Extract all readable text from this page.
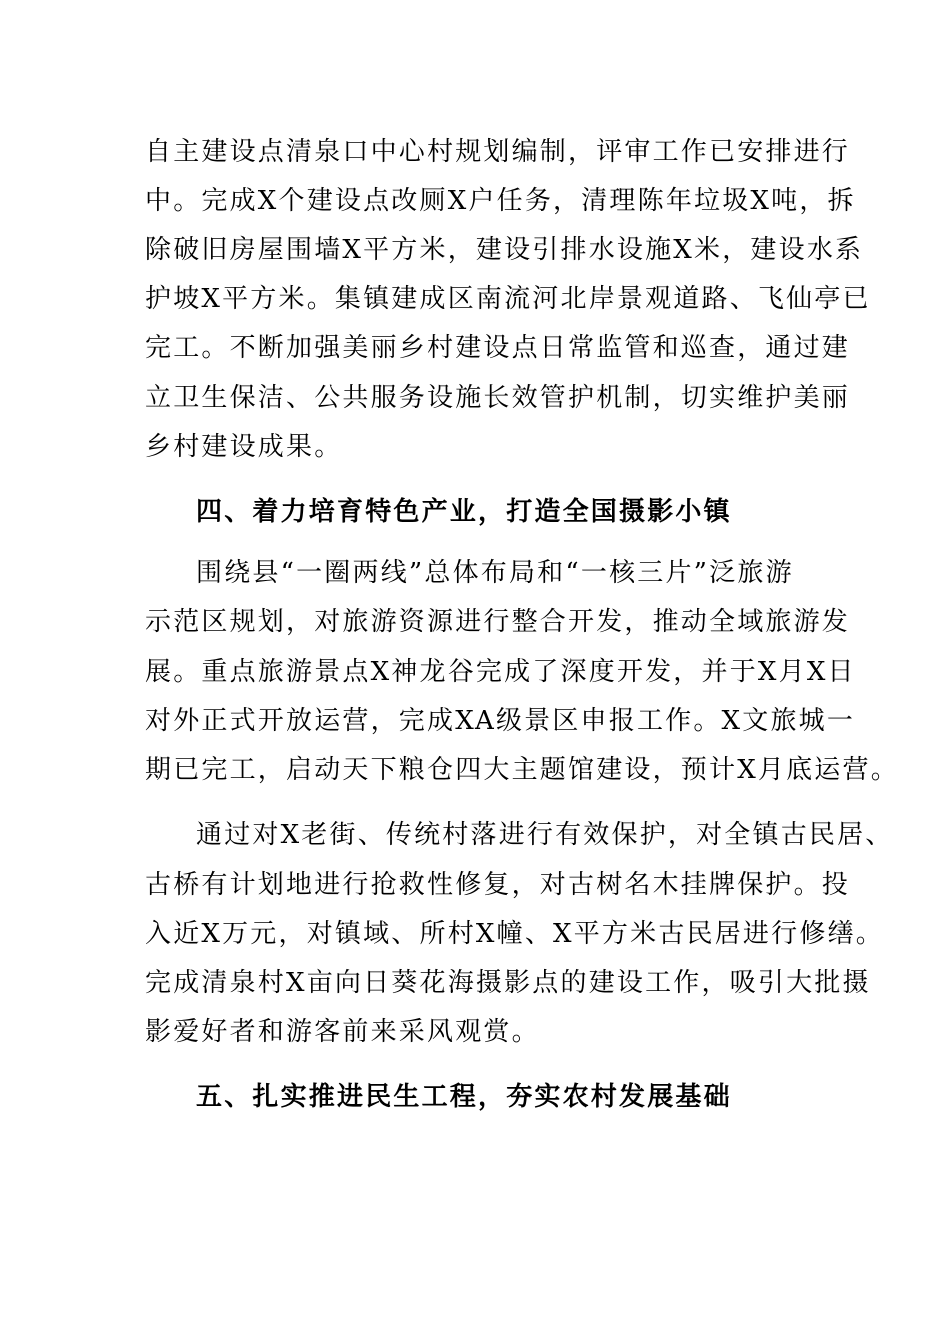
自主建设点清泉口中心村规划编制，评审工作已安排进行
中。完成X个建设点改厕X户任务，清理陈年垃圾X吨，拆
除破旧房屋围墙X平方米，建设引排水设施X米，建设水系
护坡X平方米。集镇建成区南流河北岸景观道路、飞仙亭已
完工。不断加强美丽乡村建设点日常监管和巡查，通过建
立卫生保洁、公共服务设施长效管护机制，切实维护美丽
乡村建设成果。
四、着力培育特色产业，打造全国摄影小镇
围绕县“一圈两线”总体布局和“一核三片”泛旅游
示范区规划，对旅游资源进行整合开发，推动全域旅游发
展。重点旅游景点X神龙谷完成了深度开发，并于X月X日
对外正式开放运营，完成XA级景区申报工作。X文旅城一
期已完工，启动天下粮仓四大主题馆建设，预计X月底运营。
通过对X老街、传统村落进行有效保护，对全镇古民居、
古桥有计划地进行抢救性修复，对古树名木挂牌保护。投
入近X万元，对镇域、所村X幢、X平方米古民居进行修缮。
完成清泉村X亩向日葵花海摄影点的建设工作，吸引大批摄
影爱好者和游客前来采风观赏。
五、扎实推进民生工程，夯实农村发展基础
